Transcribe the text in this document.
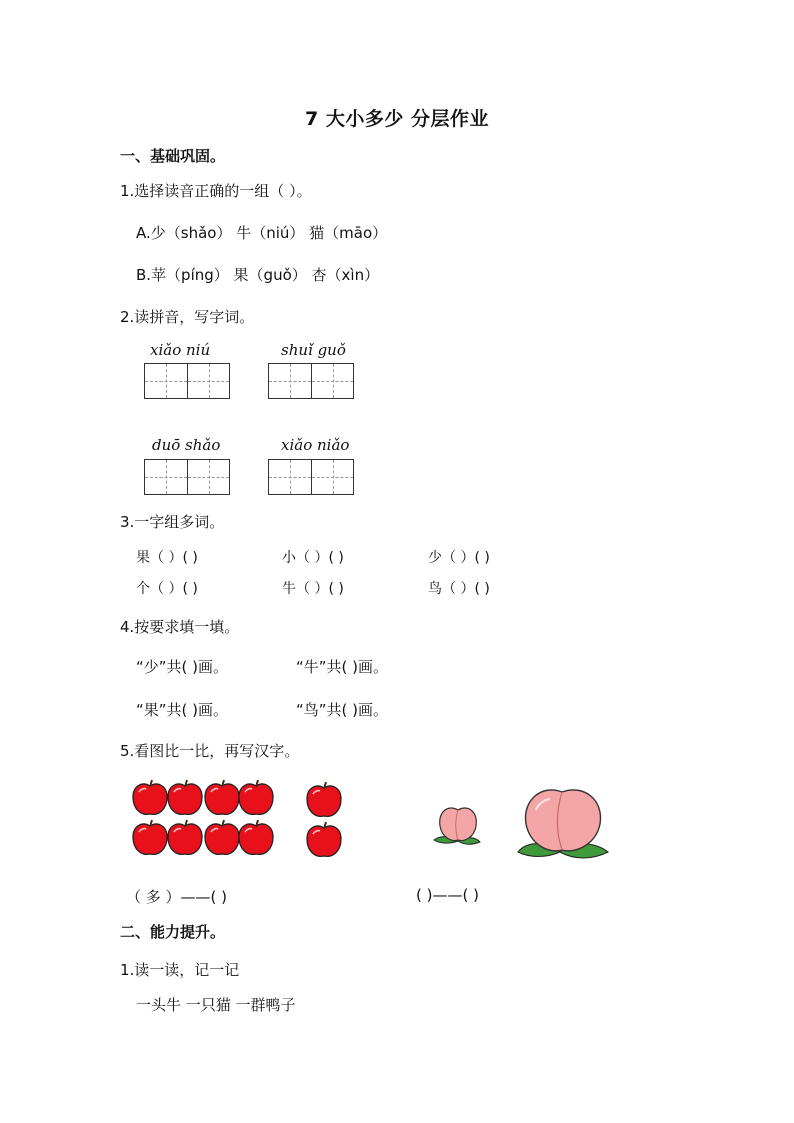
7 大小多少 分层作业
一、基础巩固。
1.选择读音正确的一组（ ）。
A.少（shǎo） 牛（niú） 猫（māo）
B.苹（píng） 果（guǒ） 杏（xìn）
2.读拼音，写字词。
xiǎo niú	shuǐ guǒ
duō shǎo	xiǎo niǎo
3.一字组多词。
果（ ）( )	小（ ）( )	少（ ）( )
个（ ）( )	牛（ ）( )	鸟（ ）( )
4.按要求填一填。
“少”共( )画。	“牛”共( )画。
“果”共( )画。	“鸟”共( )画。
5.看图比一比，再写汉字。
（ 多 ）——( )	( )——( )
二、能力提升。
1.读一读，记一记
一头牛 一只猫 一群鸭子
